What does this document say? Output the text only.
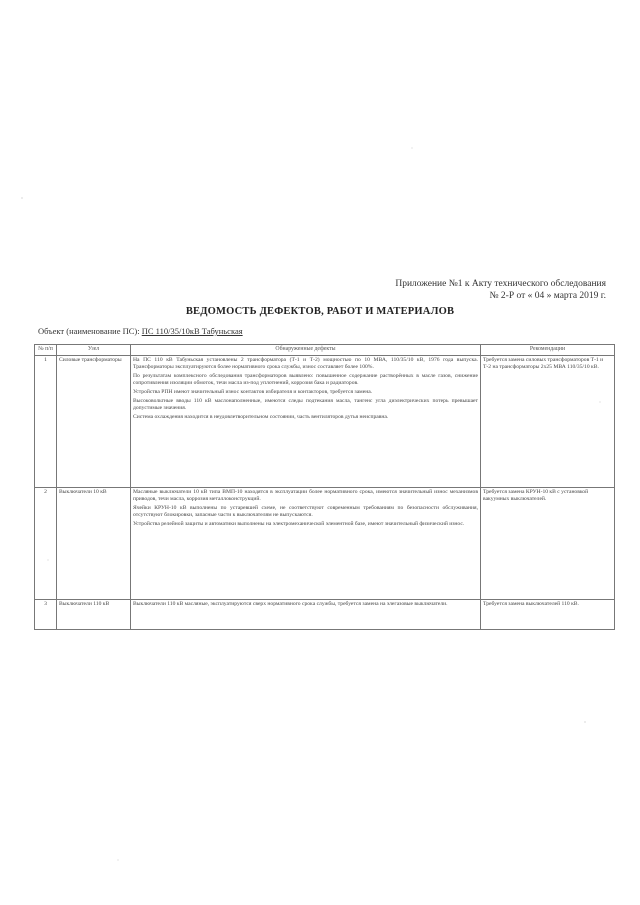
Приложение №1 к Акту технического обследования
№ 2-Р от « 04 » марта 2019 г.
ВЕДОМОСТЬ ДЕФЕКТОВ, РАБОТ И МАТЕРИАЛОВ
Объект (наименование ПС): ПС 110/35/10кВ Табуньская
№ п/п	Узел	Обнаруженные дефекты	Рекомендации
1	Силовые трансформаторы	На ПС 110 кВ Табуньская установлены 2 трансформатора (Т-1 и Т-2) мощностью по 10 МВА, 110/35/10 кВ, 1976 года выпуска. Трансформаторы эксплуатируются более нормативного срока службы, износ составляет более 100%.

По результатам комплексного обследования трансформаторов выявлено: повышенное содержание растворённых в масле газов, снижение сопротивления изоляции обмоток, течи масла из-под уплотнений, коррозия бака и радиаторов.

Устройства РПН имеют значительный износ контактов избирателя и контакторов, требуется замена.

Высоковольтные вводы 110 кВ маслонаполненные, имеются следы подтекания масла, тангенс угла диэлектрических потерь превышает допустимые значения.

Система охлаждения находится в неудовлетворительном состоянии, часть вентиляторов дутья неисправна.	Требуется замена силовых трансформаторов Т-1 и Т-2 на трансформаторы 2х25 МВА 110/35/10 кВ.
2	Выключатели 10 кВ	Масляные выключатели 10 кВ типа ВМП-10 находятся в эксплуатации более нормативного срока, имеются значительный износ механизмов приводов, течи масла, коррозия металлоконструкций.

Ячейки КРУН-10 кВ выполнены по устаревшей схеме, не соответствуют современным требованиям по безопасности обслуживания, отсутствуют блокировки, запасные части к выключателям не выпускаются.

Устройства релейной защиты и автоматики выполнены на электромеханической элементной базе, имеют значительный физический износ.	Требуется замена КРУН-10 кВ с установкой вакуумных выключателей.
3	Выключатели 110 кВ	Выключатели 110 кВ масляные, эксплуатируются сверх нормативного срока службы, требуется замена на элегазовые выключатели.	Требуется замена выключателей 110 кВ.
